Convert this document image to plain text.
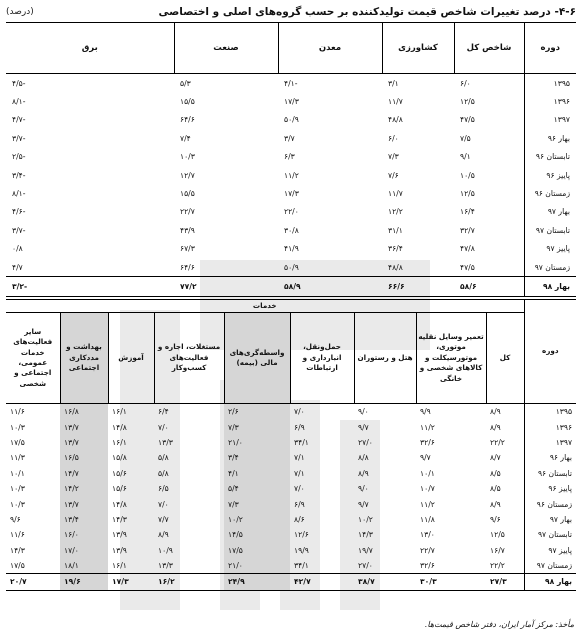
۴-۶- درصد تغییرات شاخص قیمت تولیدکننده بر حسب گروه‌های اصلی و اختصاصی
(درصد)
دوره	شاخص کل	کشاورزی	معدن	صنعت	برق
۱۳۹۵	۶/۰	۳/۱	-۴/۱	۵/۳	-۴/۵
۱۳۹۶	۱۲/۵	۱۱/۷	۱۷/۳	۱۵/۵	-۸/۱
۱۳۹۷	۴۷/۵	۴۸/۸	۵۰/۹	۶۴/۶	-۴/۷
بهار ۹۶	۷/۵	۶/۰	۳/۷	۷/۴	-۳/۷
تابستان ۹۶	۹/۱	۷/۳	۶/۳	۱۰/۳	-۲/۵
پاییز ۹۶	۱۰/۵	۷/۶	۱۱/۲	۱۲/۷	-۳/۴
زمستان ۹۶	۱۲/۵	۱۱/۷	۱۷/۳	۱۵/۵	-۸/۱
بهار ۹۷	۱۶/۴	۱۲/۲	۲۲/۰	۲۲/۷	-۴/۶
تابستان ۹۷	۳۲/۷	۳۱/۱	۳۰/۸	۴۳/۹	-۳/۷
پاییز ۹۷	۴۷/۸	۳۶/۴	۴۱/۹	۶۷/۳	۰/۸
زمستان ۹۷	۴۷/۵	۴۸/۸	۵۰/۹	۶۴/۶	۴/۷
بهار ۹۸	۵۸/۶	۶۶/۶	۵۸/۹	۷۷/۲	-۳/۲
دوره	خدمات								
	کل	تعمیر وسایل نقلیه موتوری، موتورسیکلت و کالاهای شخصی و خانگی	هتل و رستوران	حمل‌ونقل، انبارداری و ارتباطات	واسطه‌گری‌های مالی (بیمه)	مستغلات، اجاره و فعالیت‌های کسب‌وکار	آموزش	بهداشت و مددکاری اجتماعی	سایر فعالیت‌های خدمات عمومی، اجتماعی و شخصی
۱۳۹۵	۸/۹	۹/۹	۹/۰	۷/۰	۲/۶	۶/۴	۱۶/۱	۱۶/۸	۱۱/۶
۱۳۹۶	۸/۹	۱۱/۲	۹/۷	۶/۹	۷/۳	۷/۰	۱۴/۸	۱۳/۷	۱۰/۳
۱۳۹۷	۲۲/۲	۳۲/۶	۲۷/۰	۳۴/۱	۲۱/۰	۱۳/۳	۱۶/۱	۱۳/۷	۱۷/۵
بهار ۹۶	۸/۷	۹/۷	۸/۸	۷/۱	۳/۴	۵/۸	۱۵/۸	۱۶/۵	۱۱/۳
تابستان ۹۶	۸/۵	۱۰/۱	۸/۹	۷/۱	۴/۱	۵/۸	۱۵/۶	۱۴/۷	۱۰/۱
پاییز ۹۶	۸/۵	۱۰/۷	۹/۰	۷/۰	۵/۴	۶/۵	۱۵/۶	۱۴/۲	۱۰/۳
زمستان ۹۶	۸/۹	۱۱/۲	۹/۷	۶/۹	۷/۳	۷/۰	۱۴/۸	۱۳/۷	۱۰/۳
بهار ۹۷	۹/۶	۱۱/۸	۱۰/۲	۸/۶	۱۰/۲	۷/۷	۱۴/۳	۱۳/۴	۹/۶
تابستان ۹۷	۱۲/۵	۱۳/۰	۱۴/۳	۱۲/۶	۱۴/۵	۸/۹	۱۳/۹	۱۶/۰	۱۱/۶
پاییز ۹۷	۱۶/۷	۲۲/۷	۱۹/۷	۱۹/۹	۱۷/۵	۱۰/۹	۱۳/۹	۱۷/۰	۱۴/۳
زمستان ۹۷	۲۲/۲	۳۲/۶	۲۷/۰	۳۴/۱	۲۱/۰	۱۳/۳	۱۶/۱	۱۸/۱	۱۷/۵
بهار ۹۸	۲۷/۳	۳۰/۳	۳۸/۷	۴۲/۷	۲۴/۹	۱۶/۲	۱۷/۳	۱۹/۶	۲۰/۷
مأخذ: مرکز آمار ایران، دفتر شاخص قیمت‌ها.
